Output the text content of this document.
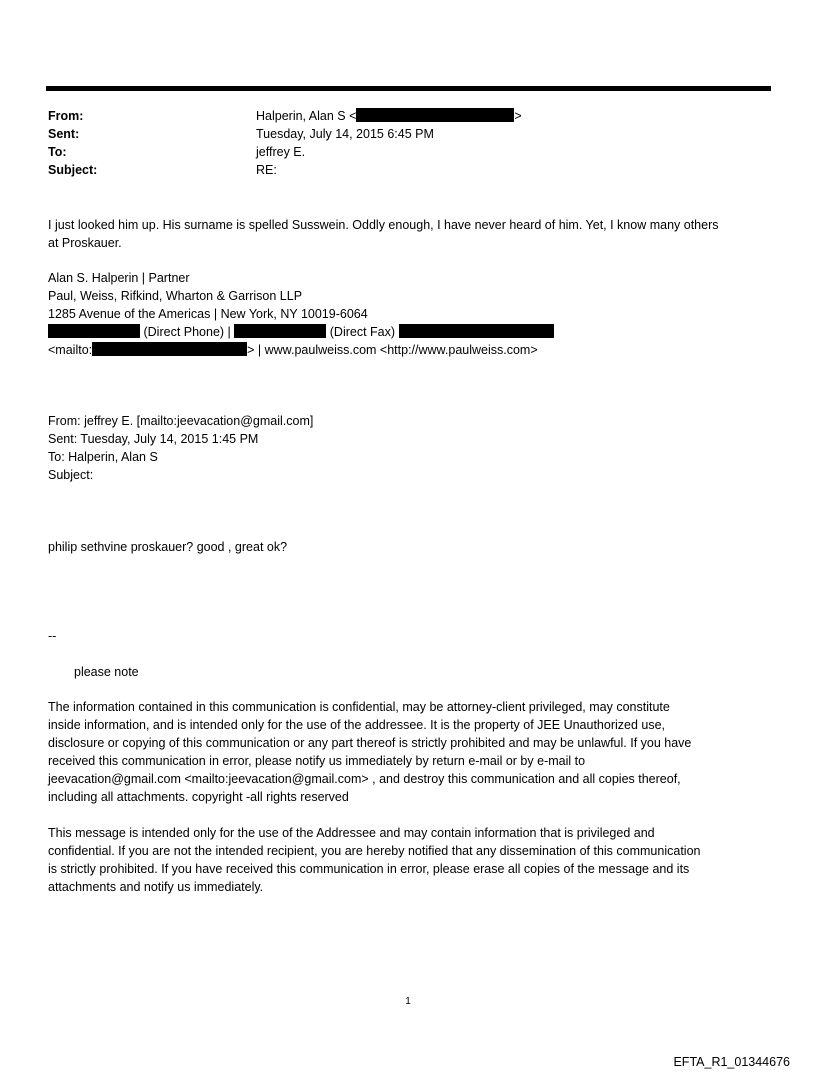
From:	Halperin, Alan S <	>
Sent:	Tuesday, July 14, 2015 6:45 PM
To:	jeffrey E.
Subject:	RE:
I just looked him up. His surname is spelled Susswein. Oddly enough, I have never heard of him. Yet, I know many others
at Proskauer.
Alan S. Halperin | Partner
Paul, Weiss, Rifkind, Wharton & Garrison LLP
1285 Avenue of the Americas | New York, NY 10019-6064
(Direct Phone) |	(Direct Fax)
<mailto:	> | www.paulweiss.com <http://www.paulweiss.com>
From: jeffrey E. [mailto:jeevacation@gmail.com]
Sent: Tuesday, July 14, 2015 1:45 PM
To: Halperin, Alan S
Subject:
philip sethvine proskauer? good , great ok?
--
please note
The information contained in this communication is confidential, may be attorney-client privileged, may constitute
inside information, and is intended only for the use of the addressee. It is the property of JEE Unauthorized use,
disclosure or copying of this communication or any part thereof is strictly prohibited and may be unlawful. If you have
received this communication in error, please notify us immediately by return e-mail or by e-mail to
jeevacation@gmail.com <mailto:jeevacation@gmail.com> , and destroy this communication and all copies thereof,
including all attachments. copyright -all rights reserved
This message is intended only for the use of the Addressee and may contain information that is privileged and
confidential. If you are not the intended recipient, you are hereby notified that any dissemination of this communication
is strictly prohibited. If you have received this communication in error, please erase all copies of the message and its
attachments and notify us immediately.
1
EFTA_R1_01344676
